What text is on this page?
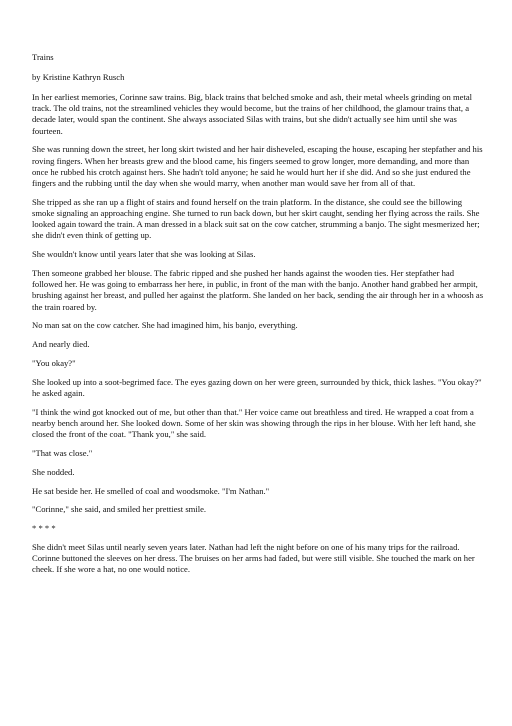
Trains

by Kristine Kathryn Rusch

In her earliest memories, Corinne saw trains. Big, black trains that belched smoke and ash, their metal wheels grinding on metal track. The old trains, not the streamlined vehicles they would become, but the trains of her childhood, the glamour trains that, a decade later, would span the continent. She always associated Silas with trains, but she didn't actually see him until she was fourteen.

She was running down the street, her long skirt twisted and her hair disheveled, escaping the house, escaping her stepfather and his roving fingers. When her breasts grew and the blood came, his fingers seemed to grow longer, more demanding, and more than once he rubbed his crotch against hers. She hadn't told anyone; he said he would hurt her if she did. And so she just endured the fingers and the rubbing until the day when she would marry, when another man would save her from all of that.

She tripped as she ran up a flight of stairs and found herself on the train platform. In the distance, she could see the billowing smoke signaling an approaching engine. She turned to run back down, but her skirt caught, sending her flying across the rails. She looked again toward the train. A man dressed in a black suit sat on the cow catcher, strumming a banjo. The sight mesmerized her; she didn't even think of getting up.

She wouldn't know until years later that she was looking at Silas.

Then someone grabbed her blouse. The fabric ripped and she pushed her hands against the wooden ties. Her stepfather had followed her. He was going to embarrass her here, in public, in front of the man with the banjo. Another hand grabbed her armpit, brushing against her breast, and pulled her against the platform. She landed on her back, sending the air through her in a whoosh as the train roared by.

No man sat on the cow catcher. She had imagined him, his banjo, everything.

And nearly died.

"You okay?"

She looked up into a soot-begrimed face. The eyes gazing down on her were green, surrounded by thick, thick lashes. "You okay?" he asked again.

"I think the wind got knocked out of me, but other than that." Her voice came out breathless and tired. He wrapped a coat from a nearby bench around her. She looked down. Some of her skin was showing through the rips in her blouse. With her left hand, she closed the front of the coat. "Thank you," she said.

"That was close."

She nodded.

He sat beside her. He smelled of coal and woodsmoke. "I'm Nathan."

"Corinne," she said, and smiled her prettiest smile.

* * * *

She didn't meet Silas until nearly seven years later. Nathan had left the night before on one of his many trips for the railroad. Corinne buttoned the sleeves on her dress. The bruises on her arms had faded, but were still visible. She touched the mark on her cheek. If she wore a hat, no one would notice.
